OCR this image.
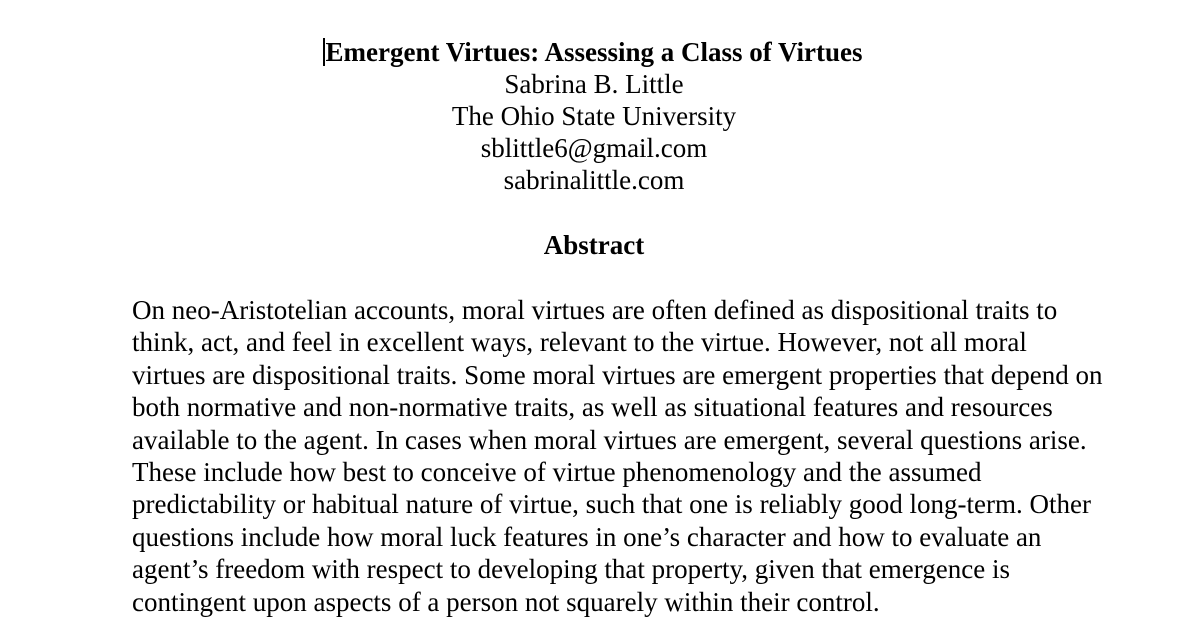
Emergent Virtues: Assessing a Class of Virtues

Sabrina B. Little

The Ohio State University

sblittle6@gmail.com

sabrinalittle.com

Abstract

On neo-Aristotelian accounts, moral virtues are often defined as dispositional traits to

think, act, and feel in excellent ways, relevant to the virtue. However, not all moral

virtues are dispositional traits. Some moral virtues are emergent properties that depend on

both normative and non-normative traits, as well as situational features and resources

available to the agent. In cases when moral virtues are emergent, several questions arise.

These include how best to conceive of virtue phenomenology and the assumed

predictability or habitual nature of virtue, such that one is reliably good long-term. Other

questions include how moral luck features in one’s character and how to evaluate an

agent’s freedom with respect to developing that property, given that emergence is

contingent upon aspects of a person not squarely within their control.
